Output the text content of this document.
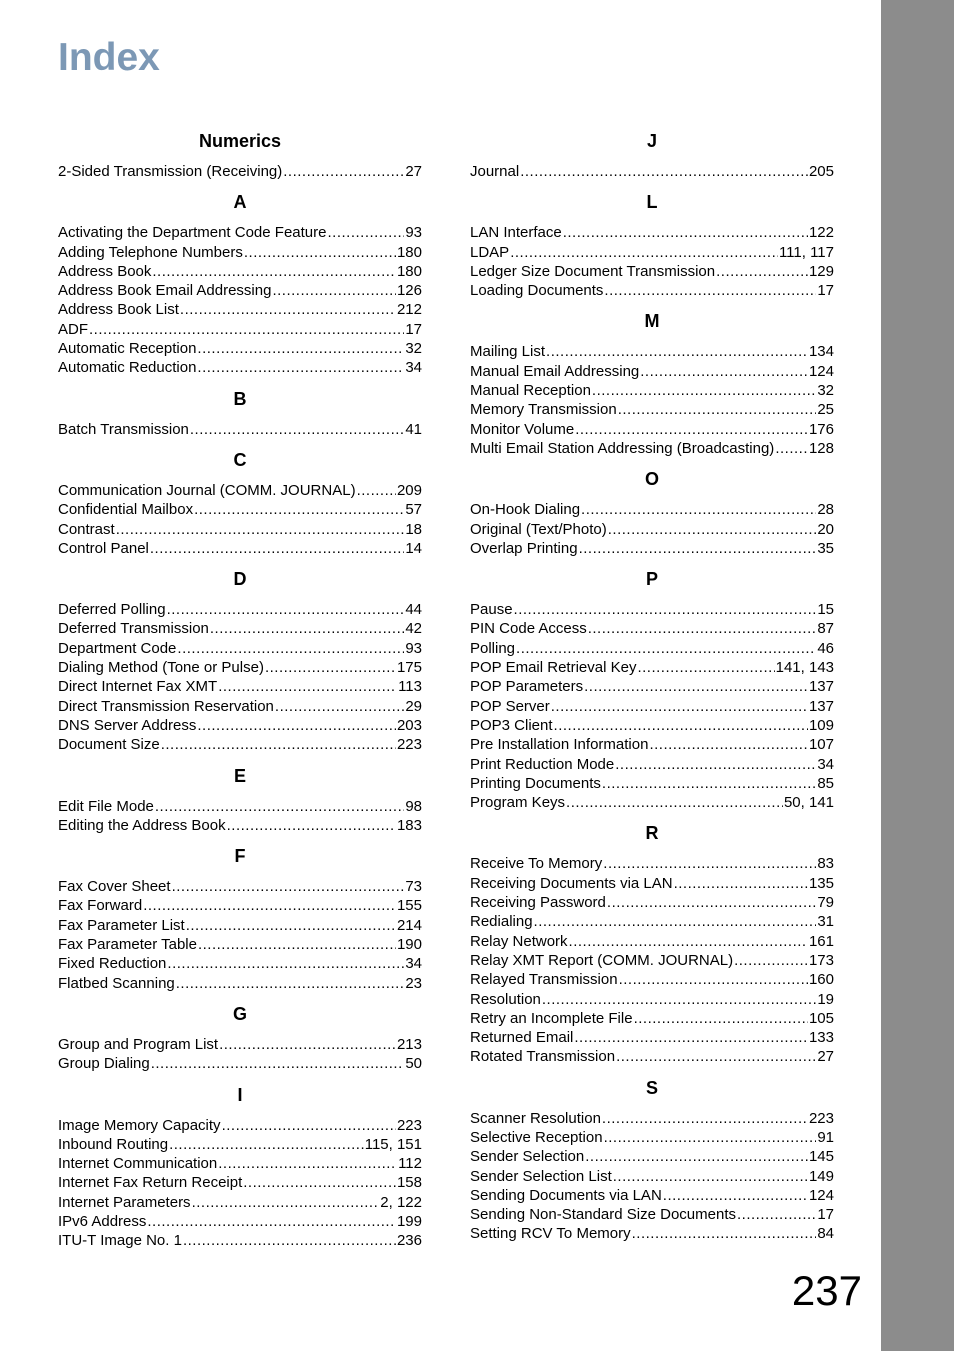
Index
Numerics
2-Sided Transmission (Receiving) .....	27
A
Activating the Department Code Feature .....	93
Adding Telephone Numbers .....	180
Address Book .....	180
Address Book Email Addressing .....	126
Address Book List .....	212
ADF .....	17
Automatic Reception .....	32
Automatic Reduction .....	34
B
Batch Transmission .....	41
C
Communication Journal (COMM. JOURNAL) .....	209
Confidential Mailbox .....	57
Contrast .....	18
Control Panel .....	14
D
Deferred Polling .....	44
Deferred Transmission .....	42
Department Code .....	93
Dialing Method (Tone or Pulse) .....	175
Direct Internet Fax XMT .....	113
Direct Transmission Reservation .....	29
DNS Server Address .....	203
Document Size .....	223
E
Edit File Mode .....	98
Editing the Address Book .....	183
F
Fax Cover Sheet .....	73
Fax Forward .....	155
Fax Parameter List .....	214
Fax Parameter Table .....	190
Fixed Reduction .....	34
Flatbed Scanning .....	23
G
Group and Program List .....	213
Group Dialing .....	50
I
Image Memory Capacity .....	223
Inbound Routing .....	115, 151
Internet Communication .....	112
Internet Fax Return Receipt .....	158
Internet Parameters .....	2, 122
IPv6 Address .....	199
ITU-T Image No. 1 .....	236
J
Journal .....	205
L
LAN Interface .....	122
LDAP .....	111, 117
Ledger Size Document Transmission .....	129
Loading Documents .....	17
M
Mailing List .....	134
Manual Email Addressing .....	124
Manual Reception .....	32
Memory Transmission .....	25
Monitor Volume .....	176
Multi Email Station Addressing (Broadcasting) ..... 128
O
On-Hook Dialing .....	28
Original (Text/Photo) .....	20
Overlap Printing .....	35
P
Pause .....	15
PIN Code Access .....	87
Polling .....	46
POP Email Retrieval Key .....	141, 143
POP Parameters .....	137
POP Server .....	137
POP3 Client .....	109
Pre Installation Information .....	107
Print Reduction Mode .....	34
Printing Documents .....	85
Program Keys .....	50, 141
R
Receive To Memory .....	83
Receiving Documents via LAN .....	135
Receiving Password .....	79
Redialing .....	31
Relay Network .....	161
Relay XMT Report (COMM. JOURNAL) .....	173
Relayed Transmission .....	160
Resolution .....	19
Retry an Incomplete File .....	105
Returned Email .....	133
Rotated Transmission .....	27
S
Scanner Resolution .....	223
Selective Reception .....	91
Sender Selection .....	145
Sender Selection List .....	149
Sending Documents via LAN .....	124
Sending Non-Standard Size Documents .....	17
Setting RCV To Memory .....	84
237
